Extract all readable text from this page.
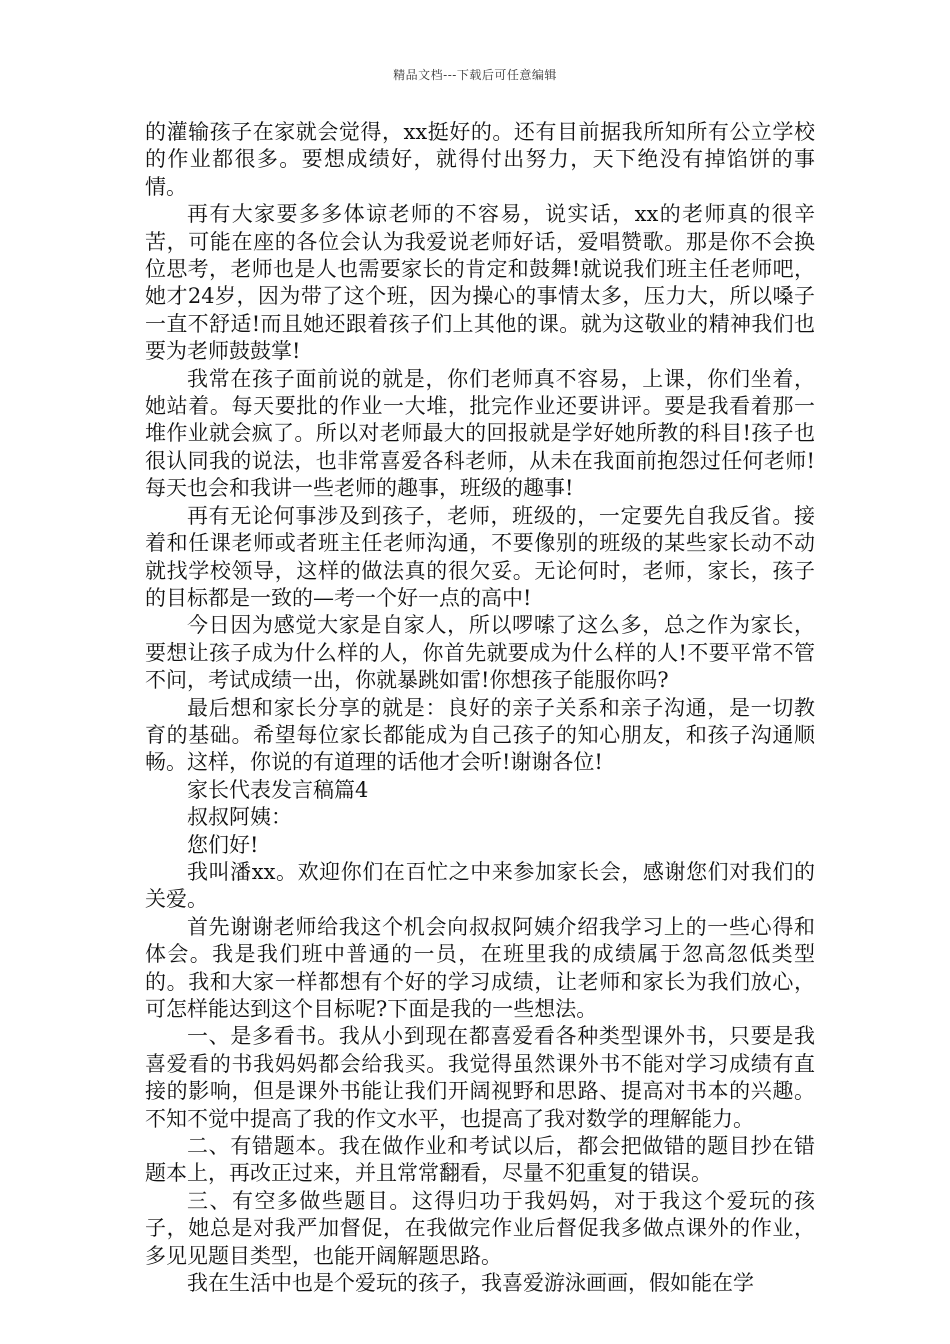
精品文档---下载后可任意编辑

的灌输孩子在家就会觉得，xx挺好的。还有目前据我所知所有公立学校的作业都很多。要想成绩好，就得付出努力，天下绝没有掉馅饼的事情。

再有大家要多多体谅老师的不容易，说实话，xx的老师真的很辛苦，可能在座的各位会认为我爱说老师好话，爱唱赞歌。那是你不会换位思考，老师也是人也需要家长的肯定和鼓舞!就说我们班主任老师吧，她才24岁，因为带了这个班，因为操心的事情太多，压力大，所以嗓子一直不舒适!而且她还跟着孩子们上其他的课。就为这敬业的精神我们也要为老师鼓鼓掌!

我常在孩子面前说的就是，你们老师真不容易，上课，你们坐着，她站着。每天要批的作业一大堆，批完作业还要讲评。要是我看着那一堆作业就会疯了。所以对老师最大的回报就是学好她所教的科目!孩子也很认同我的说法，也非常喜爱各科老师，从未在我面前抱怨过任何老师!每天也会和我讲一些老师的趣事，班级的趣事!

再有无论何事涉及到孩子，老师，班级的，一定要先自我反省。接着和任课老师或者班主任老师沟通，不要像别的班级的某些家长动不动就找学校领导，这样的做法真的很欠妥。无论何时，老师，家长，孩子的目标都是一致的—考一个好一点的高中!

今日因为感觉大家是自家人，所以啰嗦了这么多，总之作为家长，要想让孩子成为什么样的人，你首先就要成为什么样的人!不要平常不管不问，考试成绩一出，你就暴跳如雷!你想孩子能服你吗?

最后想和家长分享的就是：良好的亲子关系和亲子沟通，是一切教育的基础。希望每位家长都能成为自己孩子的知心朋友，和孩子沟通顺畅。这样，你说的有道理的话他才会听!谢谢各位!

家长代表发言稿篇4

叔叔阿姨：

您们好!

我叫潘xx。欢迎你们在百忙之中来参加家长会，感谢您们对我们的关爱。

首先谢谢老师给我这个机会向叔叔阿姨介绍我学习上的一些心得和体会。我是我们班中普通的一员，在班里我的成绩属于忽高忽低类型的。我和大家一样都想有个好的学习成绩，让老师和家长为我们放心，可怎样能达到这个目标呢?下面是我的一些想法。

一、是多看书。我从小到现在都喜爱看各种类型课外书，只要是我喜爱看的书我妈妈都会给我买。我觉得虽然课外书不能对学习成绩有直接的影响，但是课外书能让我们开阔视野和思路、提高对书本的兴趣。不知不觉中提高了我的作文水平，也提高了我对数学的理解能力。

二、有错题本。我在做作业和考试以后，都会把做错的题目抄在错题本上，再改正过来，并且常常翻看，尽量不犯重复的错误。

三、有空多做些题目。这得归功于我妈妈，对于我这个爱玩的孩子，她总是对我严加督促，在我做完作业后督促我多做点课外的作业，多见见题目类型，也能开阔解题思路。

我在生活中也是个爱玩的孩子，我喜爱游泳画画，假如能在学
